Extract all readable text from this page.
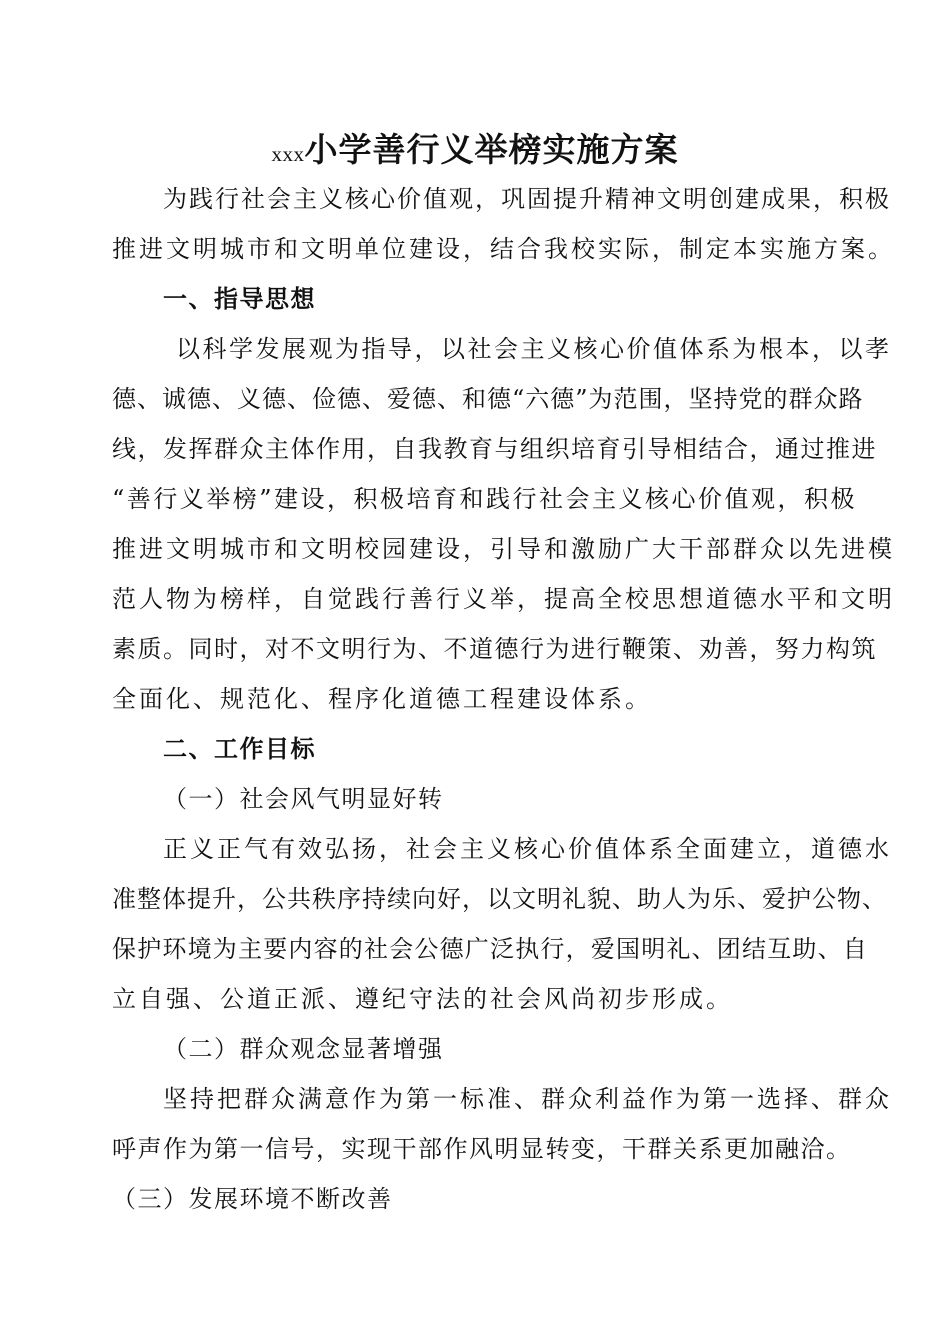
xxx小学善行义举榜实施方案
为践行社会主义核心价值观，巩固提升精神文明创建成果，积极
推进文明城市和文明单位建设，结合我校实际，制定本实施方案。
一、指导思想
以科学发展观为指导，以社会主义核心价值体系为根本，以孝
德、诚德、义德、俭德、爱德、和德“六德”为范围，坚持党的群众路
线，发挥群众主体作用，自我教育与组织培育引导相结合，通过推进
“善行义举榜”建设，积极培育和践行社会主义核心价值观，积极
推进文明城市和文明校园建设，引导和激励广大干部群众以先进模
范人物为榜样，自觉践行善行义举，提高全校思想道德水平和文明
素质。同时，对不文明行为、不道德行为进行鞭策、劝善，努力构筑
全面化、规范化、程序化道德工程建设体系。
二、工作目标
（一）社会风气明显好转
正义正气有效弘扬，社会主义核心价值体系全面建立，道德水
准整体提升，公共秩序持续向好，以文明礼貌、助人为乐、爱护公物、
保护环境为主要内容的社会公德广泛执行，爱国明礼、团结互助、自
立自强、公道正派、遵纪守法的社会风尚初步形成。
（二）群众观念显著增强
坚持把群众满意作为第一标准、群众利益作为第一选择、群众
呼声作为第一信号，实现干部作风明显转变，干群关系更加融洽。
（三）发展环境不断改善
